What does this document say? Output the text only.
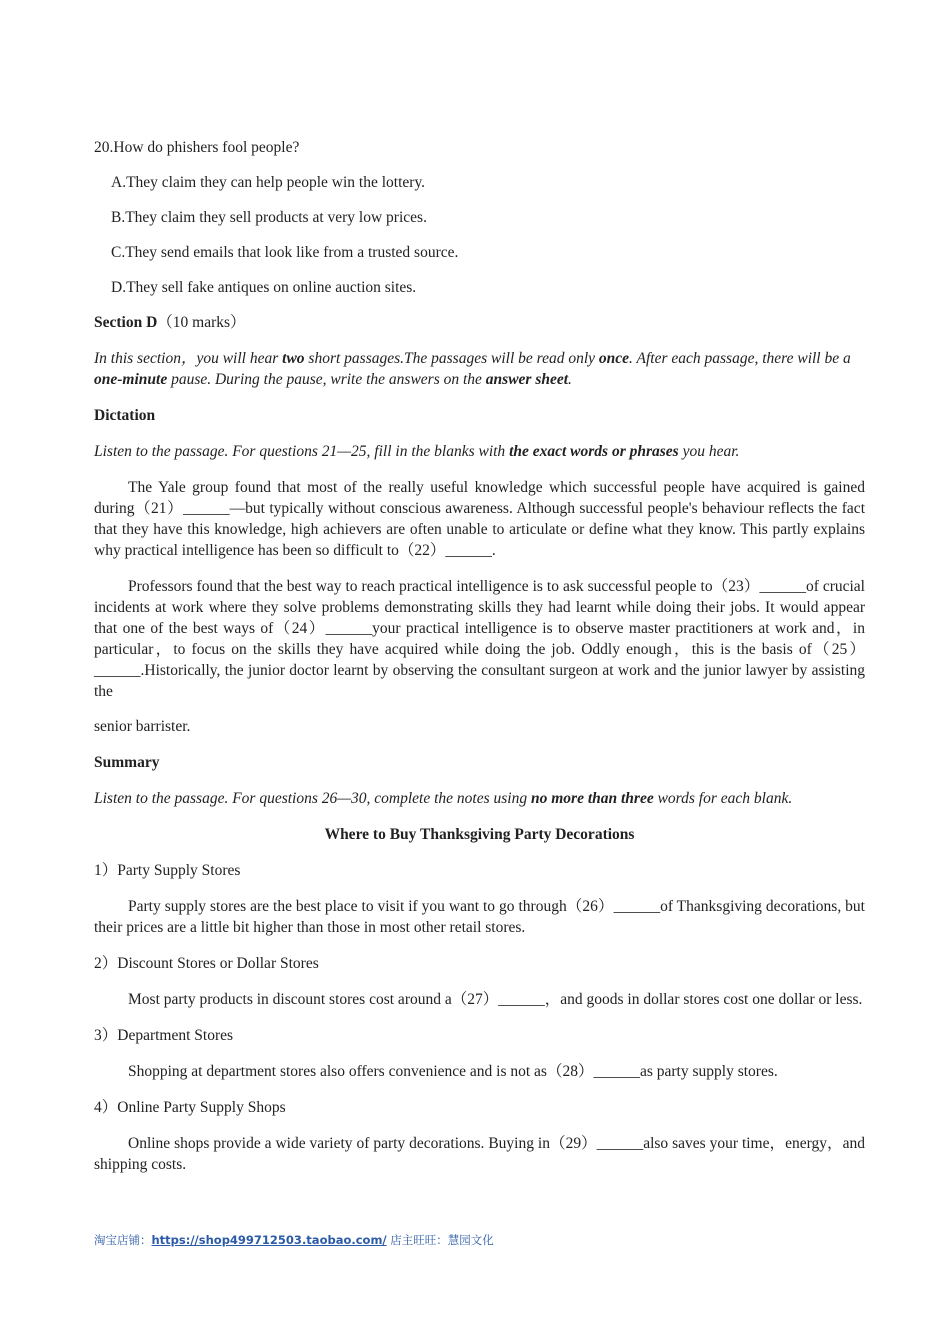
20.How do phishers fool people?

A.They claim they can help people win the lottery.

B.They claim they sell products at very low prices.

C.They send emails that look like from a trusted source.

D.They sell fake antiques on online auction sites.

Section D（10 marks）

In this section，you will hear two short passages.The passages will be read only once. After each passage, there will be a one-minute pause. During the pause, write the answers on the answer sheet.

Dictation

Listen to the passage. For questions 21—25, fill in the blanks with the exact words or phrases you hear.

The Yale group found that most of the really useful knowledge which successful people have acquired is gained during（21）______—but typically without conscious awareness. Although successful people's behaviour reflects the fact that they have this knowledge, high achievers are often unable to articulate or define what they know. This partly explains why practical intelligence has been so difficult to（22）______.

Professors found that the best way to reach practical intelligence is to ask successful people to（23）______of crucial incidents at work where they solve problems demonstrating skills they had learnt while doing their jobs. It would appear that one of the best ways of（24）______your practical intelligence is to observe master practitioners at work and，in particular，to focus on the skills they have acquired while doing the job. Oddly enough，this is the basis of（25）______.Historically, the junior doctor learnt by observing the consultant surgeon at work and the junior lawyer by assisting the

senior barrister.

Summary

Listen to the passage. For questions 26—30, complete the notes using no more than three words for each blank.

Where to Buy Thanksgiving Party Decorations

1）Party Supply Stores

Party supply stores are the best place to visit if you want to go through（26）______of Thanksgiving decorations, but their prices are a little bit higher than those in most other retail stores.

2）Discount Stores or Dollar Stores

Most party products in discount stores cost around a（27）______，and goods in dollar stores cost one dollar or less.

3）Department Stores

Shopping at department stores also offers convenience and is not as（28）______as party supply stores.

4）Online Party Supply Shops

Online shops provide a wide variety of party decorations. Buying in（29）______also saves your time，energy，and shipping costs.

淘宝店铺：https://shop499712503.taobao.com/ 店主旺旺：慧园文化
